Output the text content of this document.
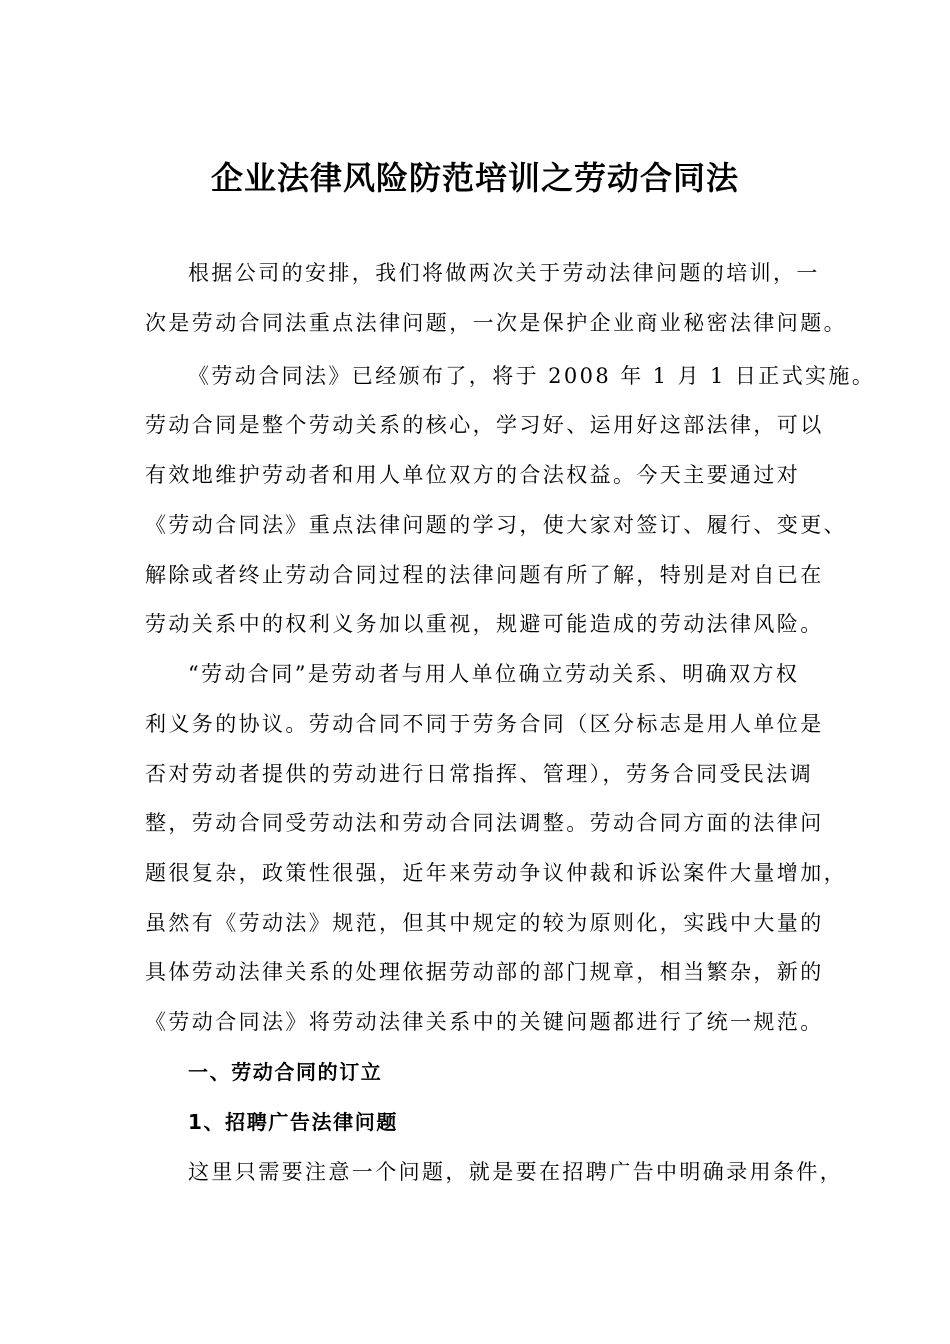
企业法律风险防范培训之劳动合同法
根据公司的安排，我们将做两次关于劳动法律问题的培训，一
次是劳动合同法重点法律问题，一次是保护企业商业秘密法律问题。
《劳动合同法》已经颁布了，将于 2008 年 1 月 1 日正式实施。
劳动合同是整个劳动关系的核心，学习好、运用好这部法律，可以
有效地维护劳动者和用人单位双方的合法权益。今天主要通过对
《劳动合同法》重点法律问题的学习，使大家对签订、履行、变更、
解除或者终止劳动合同过程的法律问题有所了解，特别是对自已在
劳动关系中的权利义务加以重视，规避可能造成的劳动法律风险。
“劳动合同”是劳动者与用人单位确立劳动关系、明确双方权
利义务的协议。劳动合同不同于劳务合同（区分标志是用人单位是
否对劳动者提供的劳动进行日常指挥、管理），劳务合同受民法调
整，劳动合同受劳动法和劳动合同法调整。劳动合同方面的法律问
题很复杂，政策性很强，近年来劳动争议仲裁和诉讼案件大量增加，
虽然有《劳动法》规范，但其中规定的较为原则化，实践中大量的
具体劳动法律关系的处理依据劳动部的部门规章，相当繁杂，新的
《劳动合同法》将劳动法律关系中的关键问题都进行了统一规范。
一、劳动合同的订立
1、招聘广告法律问题
这里只需要注意一个问题，就是要在招聘广告中明确录用条件，
